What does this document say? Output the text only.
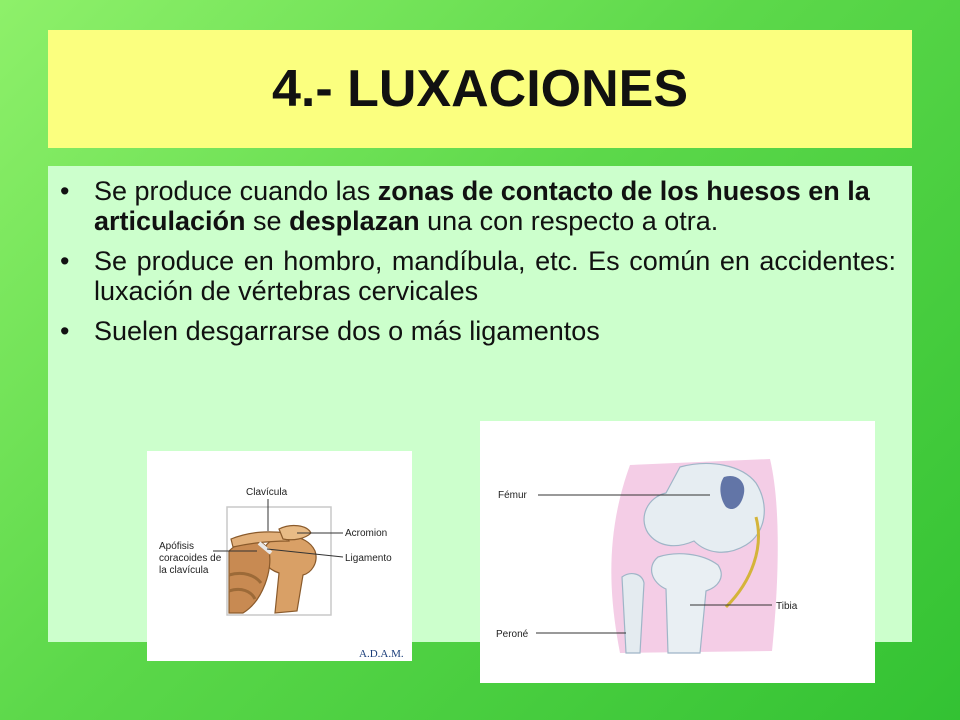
4.- LUXACIONES
• Se produce cuando las zonas de contacto de los huesos en la articulación se desplazan una con respecto a otra.
• Se produce en hombro, mandíbula, etc. Es común en accidentes: luxación de vértebras cervicales
• Suelen desgarrarse dos o más ligamentos
Clavícula
Acromion
Ligamento
Apófisis
coracoides de
la clavícula
A.D.A.M.
Fémur
Tibia
Peroné
